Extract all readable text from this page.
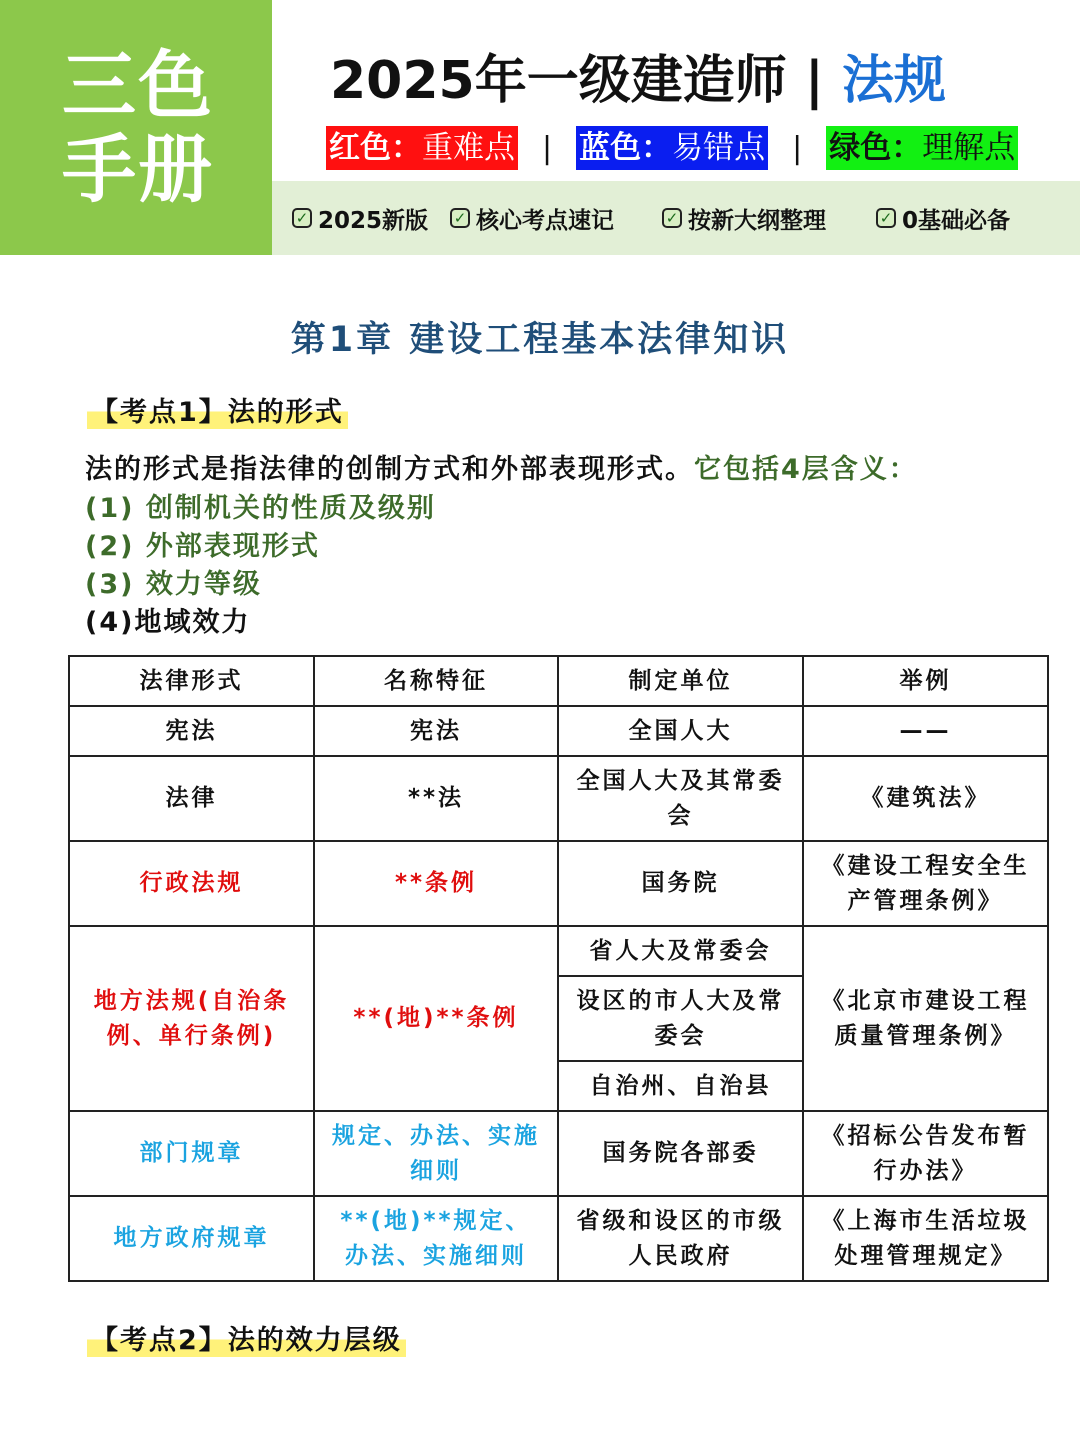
三色
手册
2025年一级建造师 | 法规
红色：重难点 | 蓝色：易错点 | 绿色：理解点
✓ 2025新版 ✓ 核心考点速记	✓ 按新大纲整理	✓ 0基础必备
第1章 建设工程基本法律知识
【考点1】法的形式
法的形式是指法律的创制方式和外部表现形式。它包括4层含义：
(1) 创制机关的性质及级别
(2) 外部表现形式
(3) 效力等级
(4)地域效力
法律形式	名称特征	制定单位	举例
宪法	宪法	全国人大	——
法律	**法	全国人大及其常委会	《建筑法》
行政法规	**条例	国务院	《建设工程安全生产管理条例》
地方法规(自治条例、单行条例)	**(地)**条例	省人大及常委会	《北京市建设工程质量管理条例》
		设区的市人大及常委会	
		自治州、自治县	
部门规章	规定、办法、实施细则	国务院各部委	《招标公告发布暂行办法》
地方政府规章	**(地)**规定、办法、实施细则	省级和设区的市级人民政府	《上海市生活垃圾处理管理规定》
【考点2】法的效力层级
